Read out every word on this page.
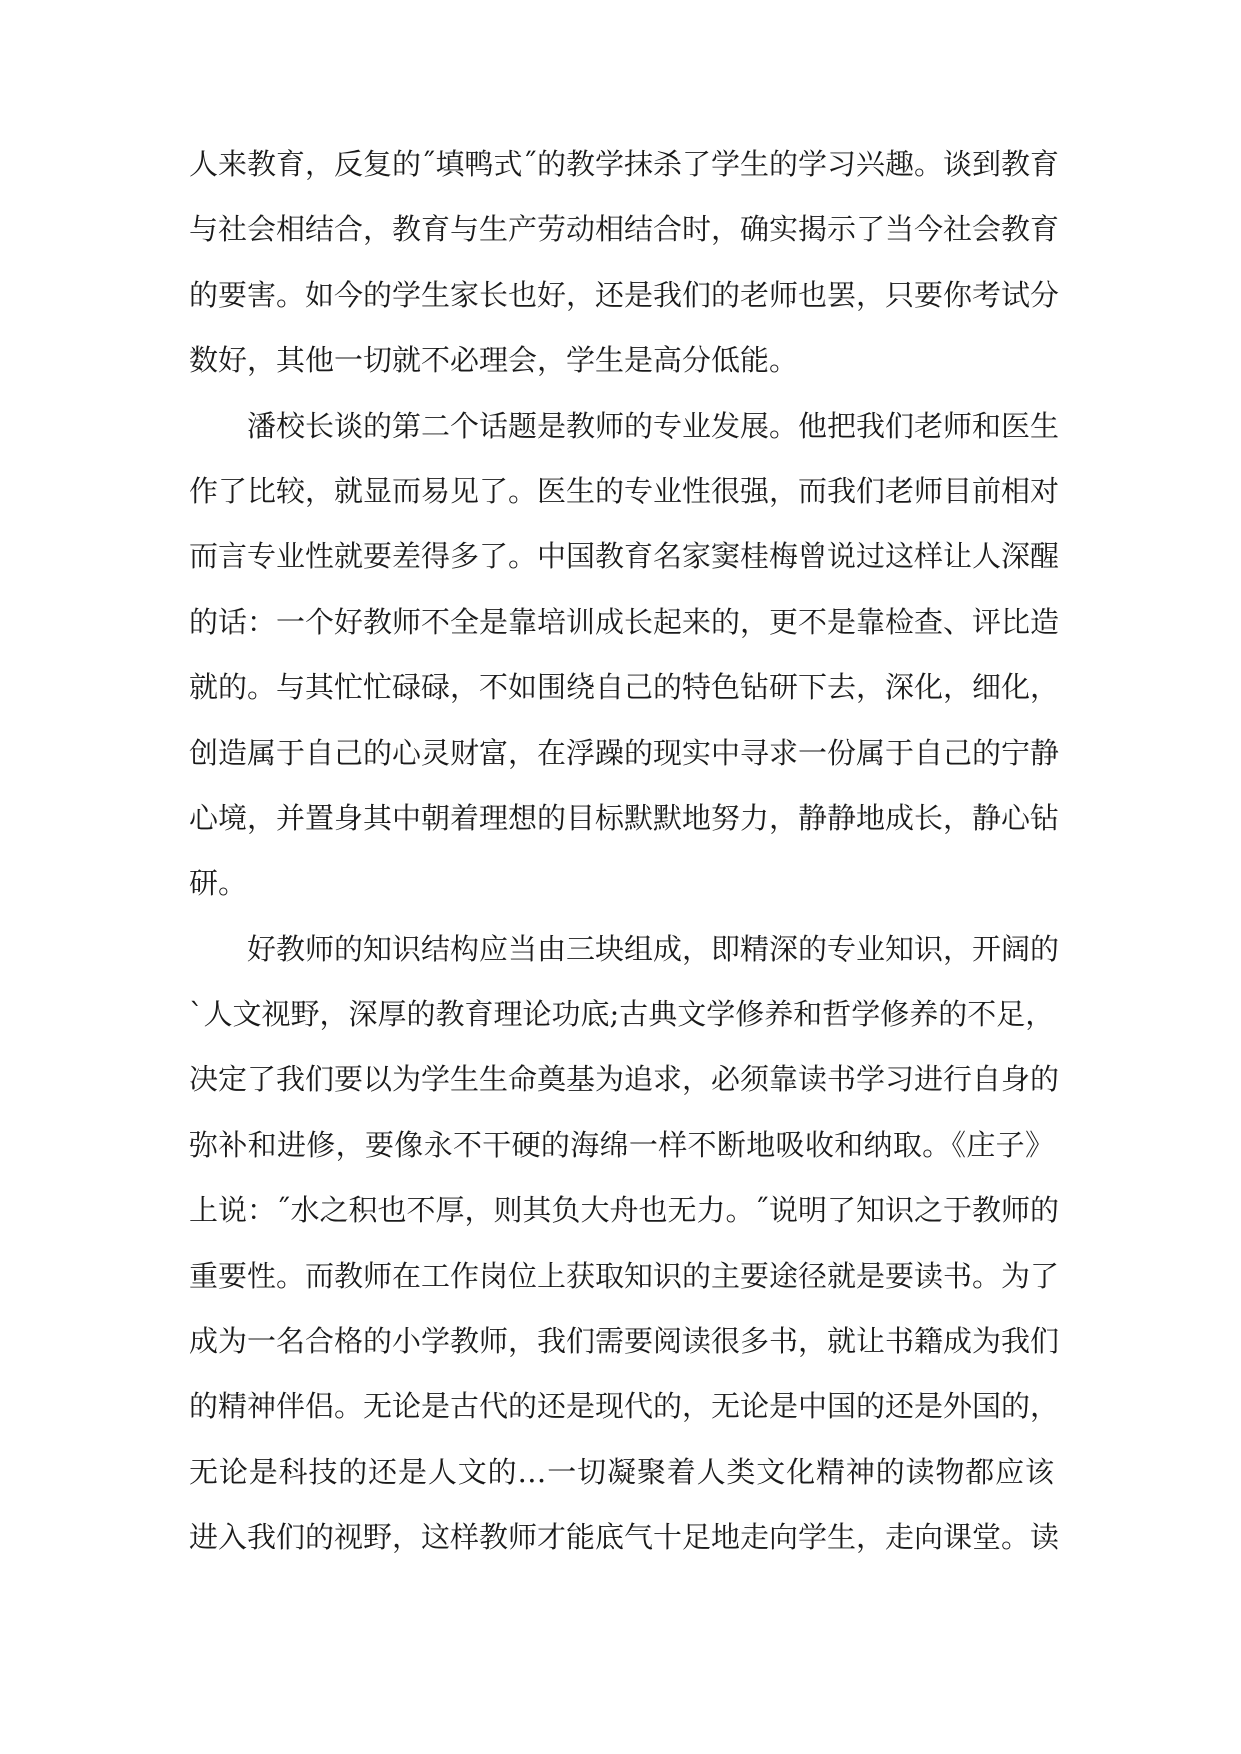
人来教育，反复的˝填鸭式˝的教学抹杀了学生的学习兴趣。谈到教育
与社会相结合，教育与生产劳动相结合时，确实揭示了当今社会教育
的要害。如今的学生家长也好，还是我们的老师也罢，只要你考试分
数好，其他一切就不必理会，学生是高分低能。
潘校长谈的第二个话题是教师的专业发展。他把我们老师和医生
作了比较，就显而易见了。医生的专业性很强，而我们老师目前相对
而言专业性就要差得多了。中国教育名家窦桂梅曾说过这样让人深醒
的话：一个好教师不全是靠培训成长起来的，更不是靠检查、评比造
就的。与其忙忙碌碌，不如围绕自己的特色钻研下去，深化，细化，
创造属于自己的心灵财富，在浮躁的现实中寻求一份属于自己的宁静
心境，并置身其中朝着理想的目标默默地努力，静静地成长，静心钻
研。
好教师的知识结构应当由三块组成，即精深的专业知识，开阔的
`人文视野，深厚的教育理论功底;古典文学修养和哲学修养的不足，
决定了我们要以为学生生命奠基为追求，必须靠读书学习进行自身的
弥补和进修，要像永不干硬的海绵一样不断地吸收和纳取。《庄子》
上说：˝水之积也不厚，则其负大舟也无力。˝说明了知识之于教师的
重要性。而教师在工作岗位上获取知识的主要途径就是要读书。为了
成为一名合格的小学教师，我们需要阅读很多书，就让书籍成为我们
的精神伴侣。无论是古代的还是现代的，无论是中国的还是外国的，
无论是科技的还是人文的…一切凝聚着人类文化精神的读物都应该
进入我们的视野，这样教师才能底气十足地走向学生，走向课堂。读
